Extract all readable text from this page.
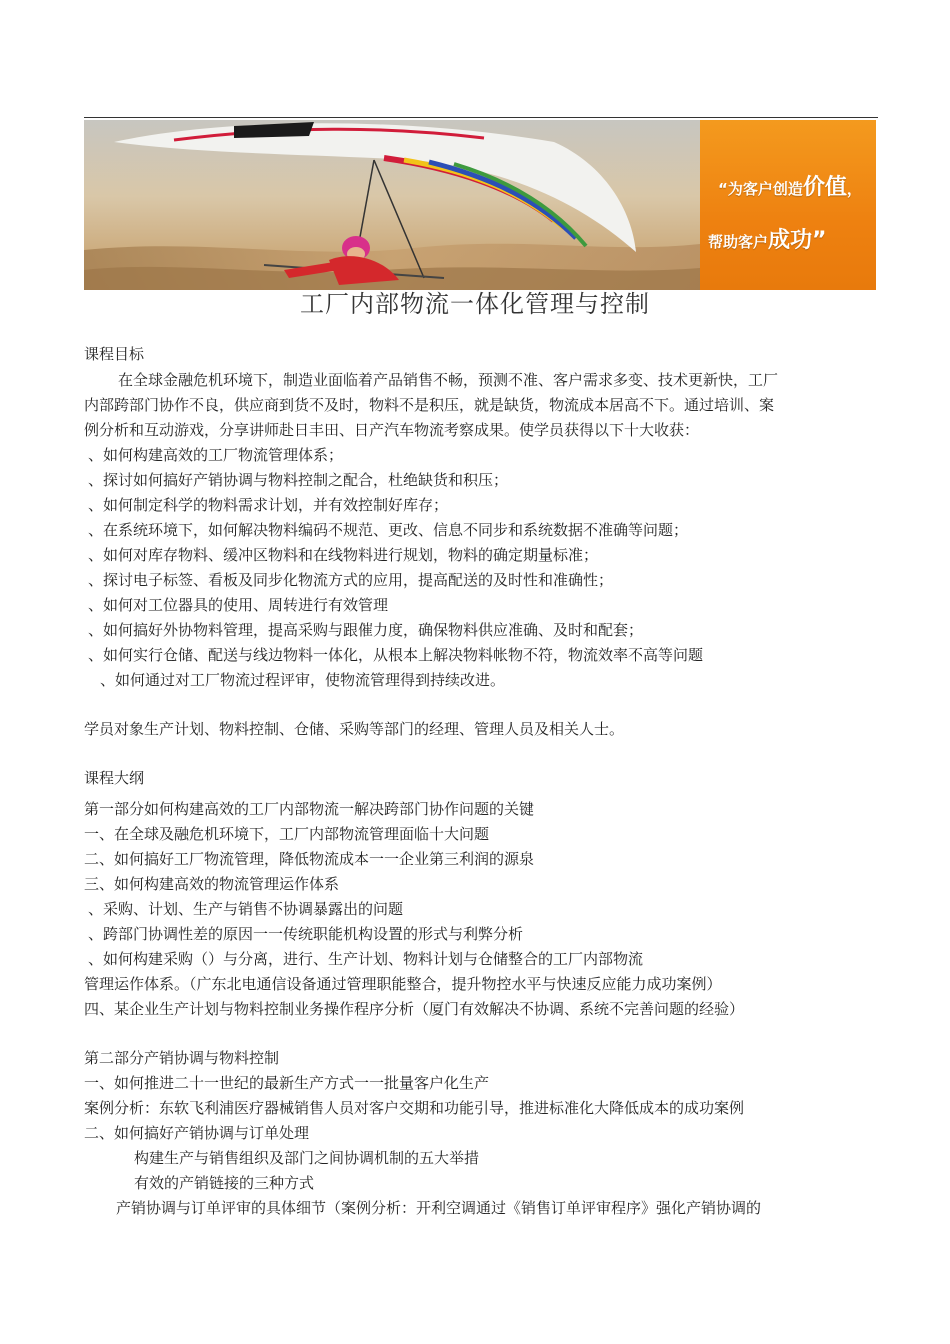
“为客户创造价值，
帮助客户成功”
工厂内部物流一体化管理与控制
课程目标
在全球金融危机环境下，制造业面临着产品销售不畅，预测不准、客户需求多变、技术更新快，工厂
内部跨部门协作不良，供应商到货不及时，物料不是积压，就是缺货，物流成本居高不下。通过培训、案
例分析和互动游戏，分享讲师赴日丰田、日产汽车物流考察成果。使学员获得以下十大收获：
、如何构建高效的工厂物流管理体系；
、探讨如何搞好产销协调与物料控制之配合，杜绝缺货和积压；
、如何制定科学的物料需求计划，并有效控制好库存；
、在系统环境下，如何解决物料编码不规范、更改、信息不同步和系统数据不准确等问题；
、如何对库存物料、缓冲区物料和在线物料进行规划，物料的确定期量标准；
、探讨电子标签、看板及同步化物流方式的应用，提高配送的及时性和准确性；
、如何对工位器具的使用、周转进行有效管理
、如何搞好外协物料管理，提高采购与跟催力度，确保物料供应准确、及时和配套；
、如何实行仓储、配送与线边物料一体化，从根本上解决物料帐物不符，物流效率不高等问题
、如何通过对工厂物流过程评审，使物流管理得到持续改进。
学员对象生产计划、物料控制、仓储、采购等部门的经理、管理人员及相关人士。
课程大纲
第一部分如何构建高效的工厂内部物流一解决跨部门协作问题的关键
一、在全球及融危机环境下，工厂内部物流管理面临十大问题
二、如何搞好工厂物流管理，降低物流成本一一企业第三利润的源泉
三、如何构建高效的物流管理运作体系
、采购、计划、生产与销售不协调暴露出的问题
、跨部门协调性差的原因一一传统职能机构设置的形式与利弊分析
、如何构建采购（）与分离，进行、生产计划、物料计划与仓储整合的工厂内部物流
管理运作体系。（广东北电通信设备通过管理职能整合，提升物控水平与快速反应能力成功案例）
四、某企业生产计划与物料控制业务操作程序分析（厦门有效解决不协调、系统不完善问题的经验）
第二部分产销协调与物料控制
一、如何推进二十一世纪的最新生产方式一一批量客户化生产
案例分析：东软飞利浦医疗器械销售人员对客户交期和功能引导，推进标准化大降低成本的成功案例
二、如何搞好产销协调与订单处理
构建生产与销售组织及部门之间协调机制的五大举措
有效的产销链接的三种方式
产销协调与订单评审的具体细节（案例分析：开利空调通过《销售订单评审程序》强化产销协调的
